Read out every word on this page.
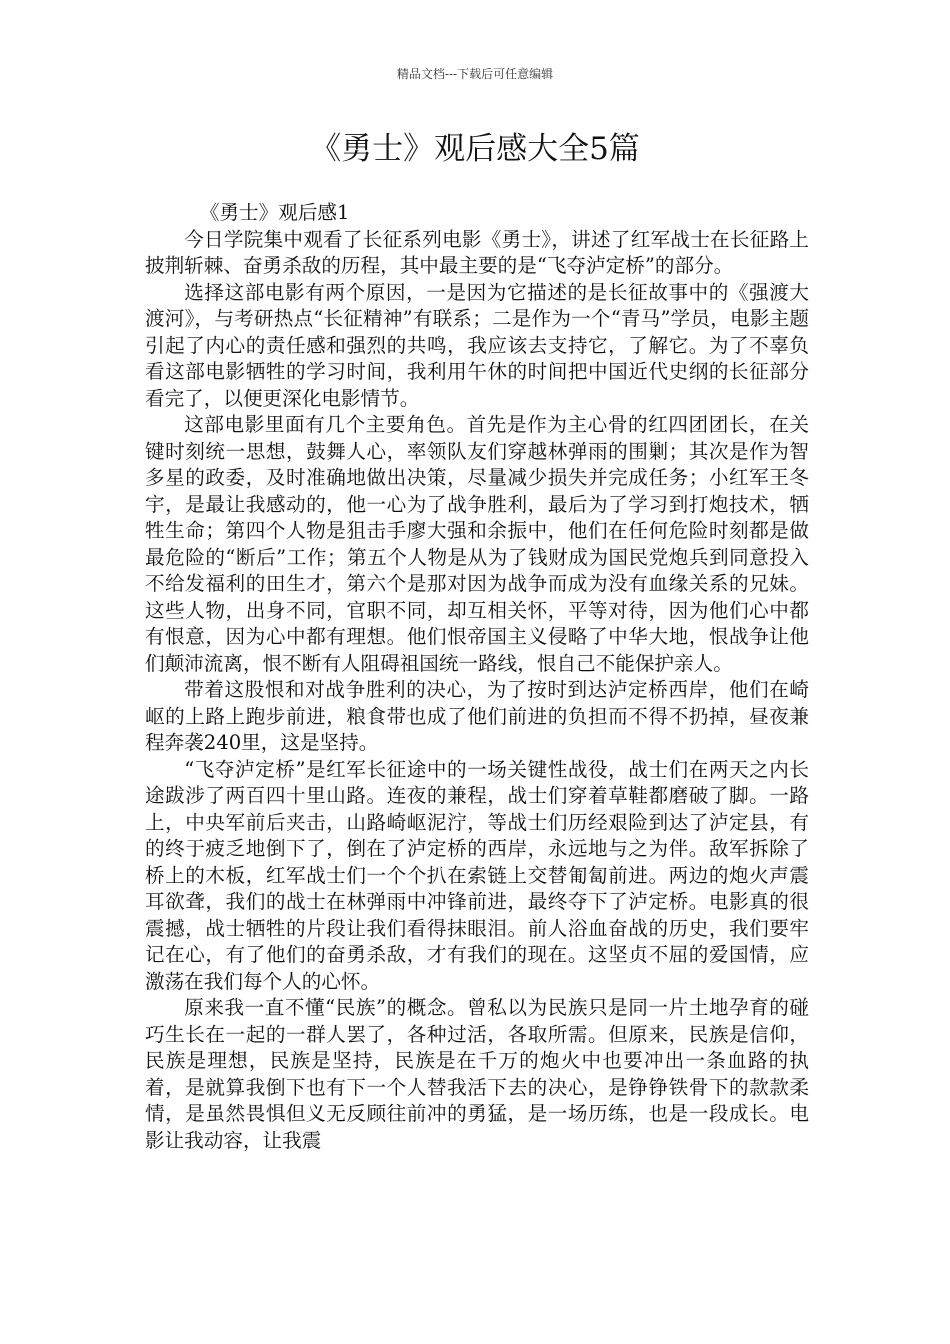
精品文档---下载后可任意编辑
《勇士》观后感大全5篇

《勇士》观后感1

今日学院集中观看了长征系列电影《勇士》，讲述了红军战士在长征路上披荆斩棘、奋勇杀敌的历程，其中最主要的是“飞夺泸定桥”的部分。

选择这部电影有两个原因，一是因为它描述的是长征故事中的《强渡大渡河》，与考研热点“长征精神”有联系；二是作为一个“青马”学员，电影主题引起了内心的责任感和强烈的共鸣，我应该去支持它，了解它。为了不辜负看这部电影牺牲的学习时间，我利用午休的时间把中国近代史纲的长征部分看完了，以便更深化电影情节。

这部电影里面有几个主要角色。首先是作为主心骨的红四团团长，在关键时刻统一思想，鼓舞人心，率领队友们穿越林弹雨的围剿；其次是作为智多星的政委，及时准确地做出决策，尽量减少损失并完成任务；小红军王冬宇，是最让我感动的，他一心为了战争胜利，最后为了学习到打炮技术，牺牲生命；第四个人物是狙击手廖大强和余振中，他们在任何危险时刻都是做最危险的“断后”工作；第五个人物是从为了钱财成为国民党炮兵到同意投入不给发福利的田生才，第六个是那对因为战争而成为没有血缘关系的兄妹。这些人物，出身不同，官职不同，却互相关怀，平等对待，因为他们心中都有恨意，因为心中都有理想。他们恨帝国主义侵略了中华大地，恨战争让他们颠沛流离，恨不断有人阻碍祖国统一路线，恨自己不能保护亲人。

带着这股恨和对战争胜利的决心，为了按时到达泸定桥西岸，他们在崎岖的上路上跑步前进，粮食带也成了他们前进的负担而不得不扔掉，昼夜兼程奔袭240里，这是坚持。

“飞夺泸定桥”是红军长征途中的一场关键性战役，战士们在两天之内长途跋涉了两百四十里山路。连夜的兼程，战士们穿着草鞋都磨破了脚。一路上，中央军前后夹击，山路崎岖泥泞，等战士们历经艰险到达了泸定县，有的终于疲乏地倒下了，倒在了泸定桥的西岸，永远地与之为伴。敌军拆除了桥上的木板，红军战士们一个个扒在索链上交替匍匐前进。两边的炮火声震耳欲聋，我们的战士在林弹雨中冲锋前进，最终夺下了泸定桥。电影真的很震撼，战士牺牲的片段让我们看得抹眼泪。前人浴血奋战的历史，我们要牢记在心，有了他们的奋勇杀敌，才有我们的现在。这坚贞不屈的爱国情，应激荡在我们每个人的心怀。

原来我一直不懂“民族”的概念。曾私以为民族只是同一片土地孕育的碰巧生长在一起的一群人罢了，各种过活，各取所需。但原来，民族是信仰，民族是理想，民族是坚持，民族是在千万的炮火中也要冲出一条血路的执着，是就算我倒下也有下一个人替我活下去的决心，是铮铮铁骨下的款款柔情，是虽然畏惧但义无反顾往前冲的勇猛，是一场历练，也是一段成长。电影让我动容，让我震
